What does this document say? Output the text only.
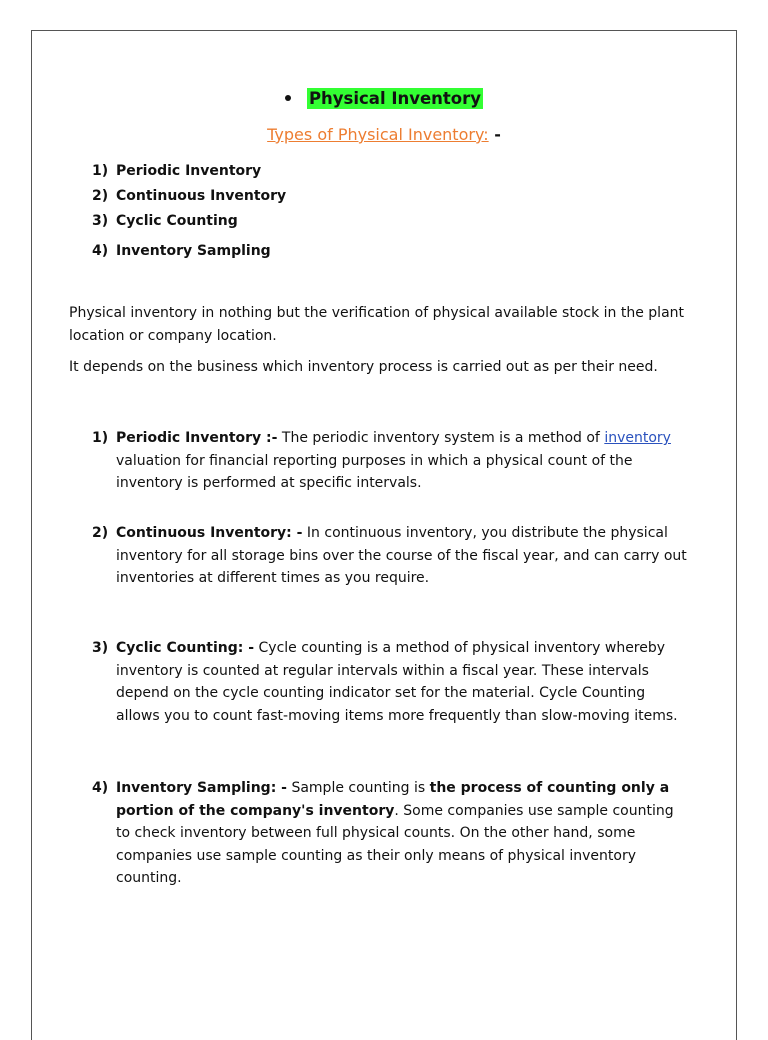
Physical Inventory
Types of Physical Inventory: -
1) Periodic Inventory
2) Continuous Inventory
3) Cyclic Counting
4) Inventory Sampling
Physical inventory in nothing but the verification of physical available stock in the plant location or company location.
It depends on the business which inventory process is carried out as per their need.
1) Periodic Inventory :- The periodic inventory system is a method of inventory valuation for financial reporting purposes in which a physical count of the inventory is performed at specific intervals.
2) Continuous Inventory: - In continuous inventory, you distribute the physical inventory for all storage bins over the course of the fiscal year, and can carry out inventories at different times as you require.
3) Cyclic Counting: - Cycle counting is a method of physical inventory whereby inventory is counted at regular intervals within a fiscal year. These intervals depend on the cycle counting indicator set for the material. Cycle Counting allows you to count fast-moving items more frequently than slow-moving items.
4) Inventory Sampling: - Sample counting is the process of counting only a portion of the company's inventory. Some companies use sample counting to check inventory between full physical counts. On the other hand, some companies use sample counting as their only means of physical inventory counting.
